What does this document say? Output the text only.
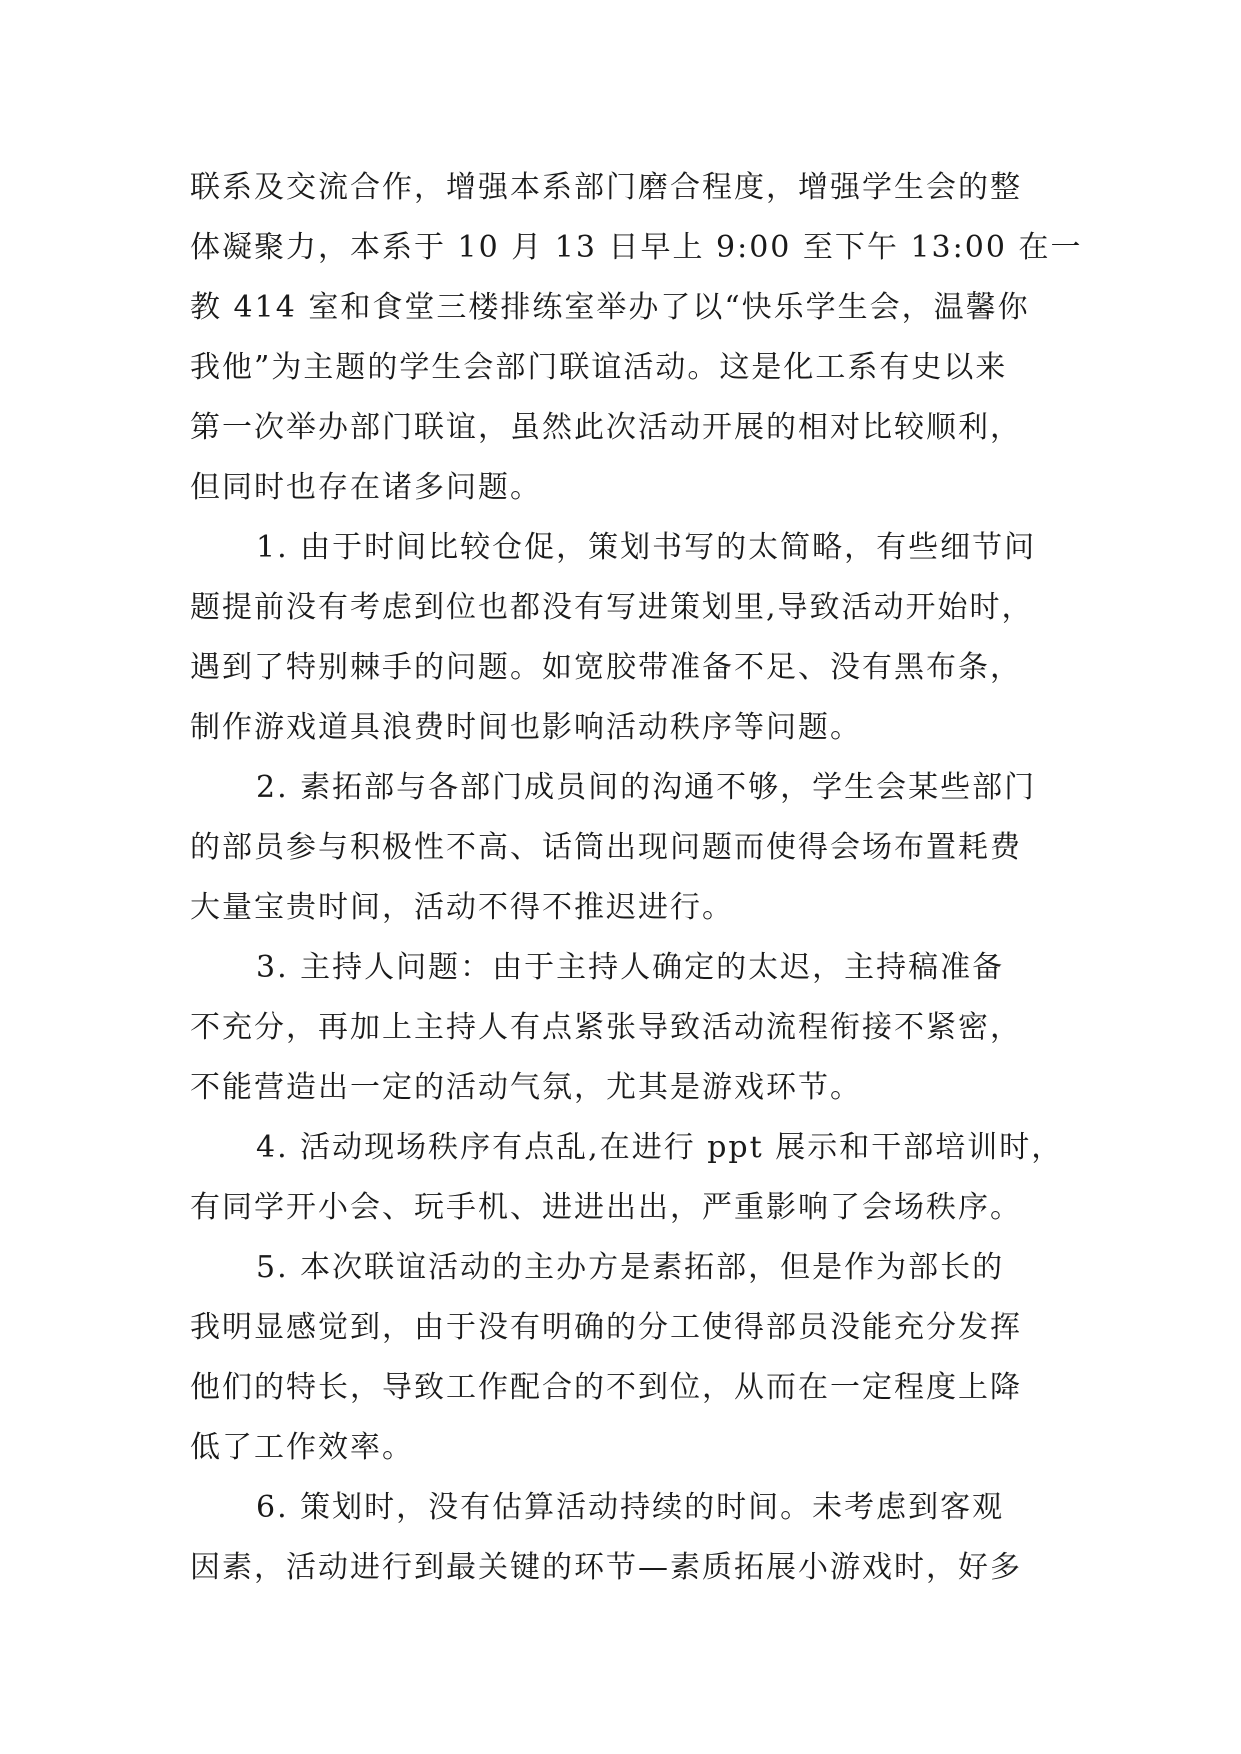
联系及交流合作，增强本系部门磨合程度，增强学生会的整
体凝聚力，本系于 10 月 13 日早上 9:00 至下午 13:00 在一
教 414 室和食堂三楼排练室举办了以“快乐学生会，温馨你
我他”为主题的学生会部门联谊活动。这是化工系有史以来
第一次举办部门联谊，虽然此次活动开展的相对比较顺利，
但同时也存在诸多问题。
1. 由于时间比较仓促，策划书写的太简略，有些细节问
题提前没有考虑到位也都没有写进策划里,导致活动开始时，
遇到了特别棘手的问题。如宽胶带准备不足、没有黑布条，
制作游戏道具浪费时间也影响活动秩序等问题。
2. 素拓部与各部门成员间的沟通不够，学生会某些部门
的部员参与积极性不高、话筒出现问题而使得会场布置耗费
大量宝贵时间，活动不得不推迟进行。
3. 主持人问题：由于主持人确定的太迟，主持稿准备
不充分，再加上主持人有点紧张导致活动流程衔接不紧密，
不能营造出一定的活动气氛，尤其是游戏环节。
4. 活动现场秩序有点乱,在进行 ppt 展示和干部培训时，
有同学开小会、玩手机、进进出出，严重影响了会场秩序。
5. 本次联谊活动的主办方是素拓部，但是作为部长的
我明显感觉到，由于没有明确的分工使得部员没能充分发挥
他们的特长，导致工作配合的不到位，从而在一定程度上降
低了工作效率。
6. 策划时，没有估算活动持续的时间。未考虑到客观
因素，活动进行到最关键的环节—素质拓展小游戏时，好多
